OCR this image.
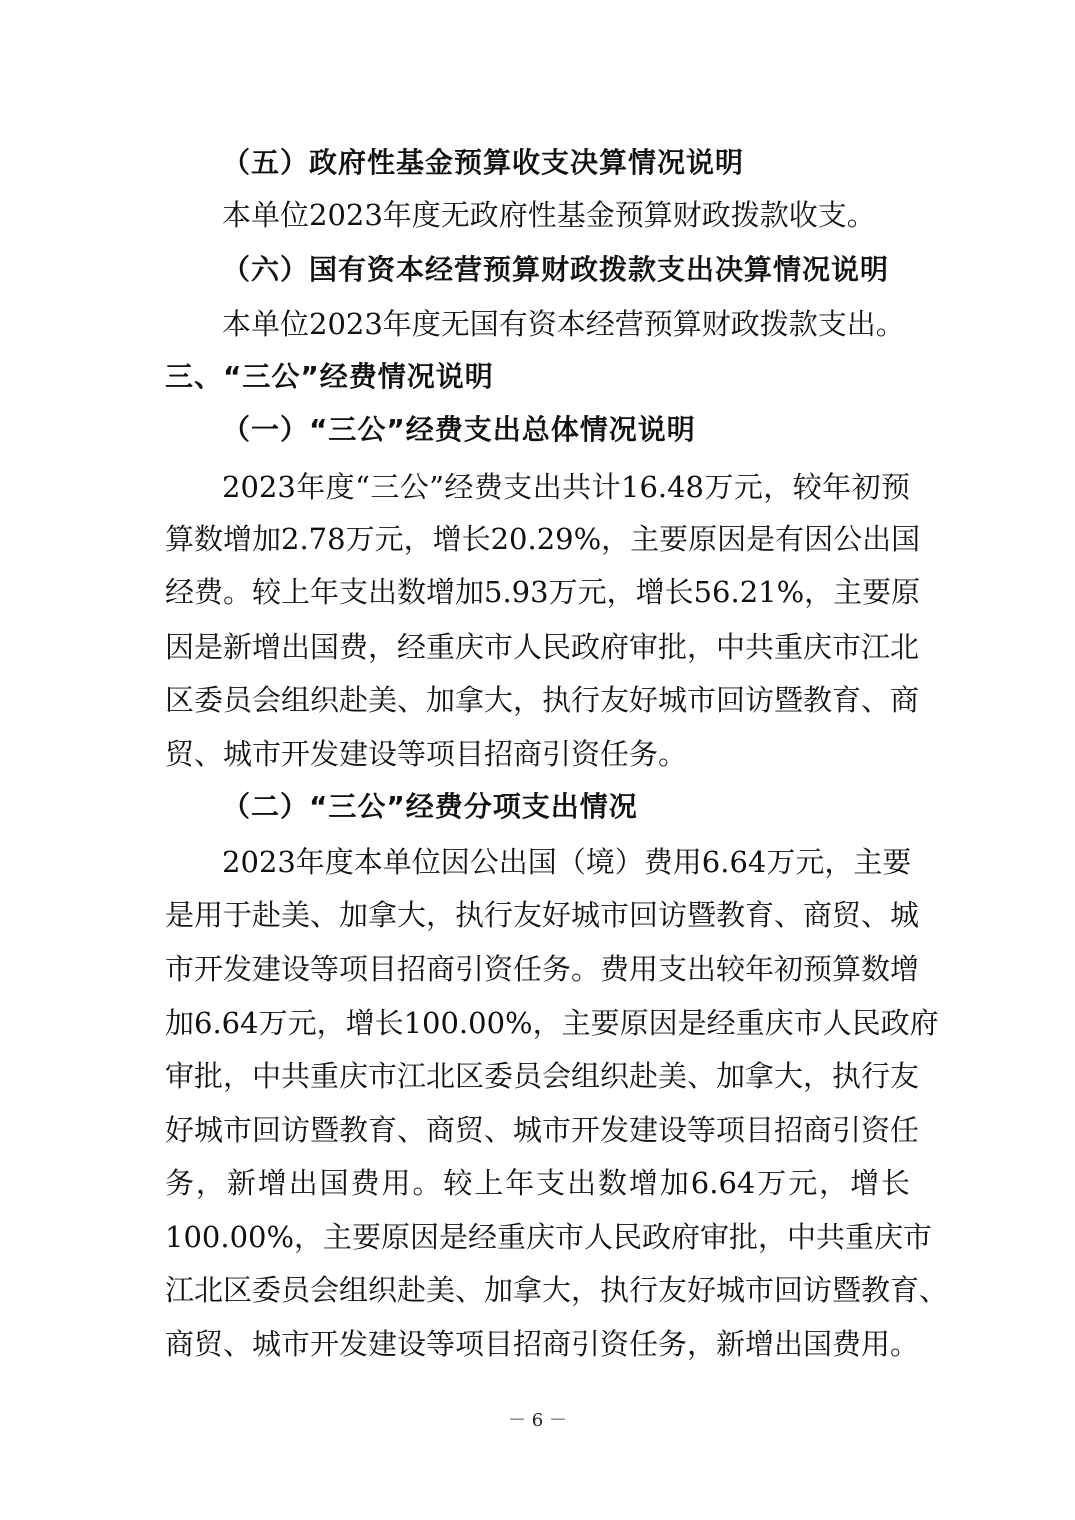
（五）政府性基金预算收支决算情况说明
本单位2023年度无政府性基金预算财政拨款收支。
（六）国有资本经营预算财政拨款支出决算情况说明
本单位2023年度无国有资本经营预算财政拨款支出。
三、“三公”经费情况说明
（一）“三公”经费支出总体情况说明
2023年度“三公”经费支出共计16.48万元，较年初预
算数增加2.78万元，增长20.29%，主要原因是有因公出国
经费。较上年支出数增加5.93万元，增长56.21%，主要原
因是新增出国费，经重庆市人民政府审批，中共重庆市江北
区委员会组织赴美、加拿大，执行友好城市回访暨教育、商
贸、城市开发建设等项目招商引资任务。
（二）“三公”经费分项支出情况
2023年度本单位因公出国（境）费用6.64万元，主要
是用于赴美、加拿大，执行友好城市回访暨教育、商贸、城
市开发建设等项目招商引资任务。费用支出较年初预算数增
加6.64万元，增长100.00%，主要原因是经重庆市人民政府
审批，中共重庆市江北区委员会组织赴美、加拿大，执行友
好城市回访暨教育、商贸、城市开发建设等项目招商引资任
务，新增出国费用。较上年支出数增加6.64万元，增长
100.00%，主要原因是经重庆市人民政府审批，中共重庆市
江北区委员会组织赴美、加拿大，执行友好城市回访暨教育、
商贸、城市开发建设等项目招商引资任务，新增出国费用。
－ 6 －
